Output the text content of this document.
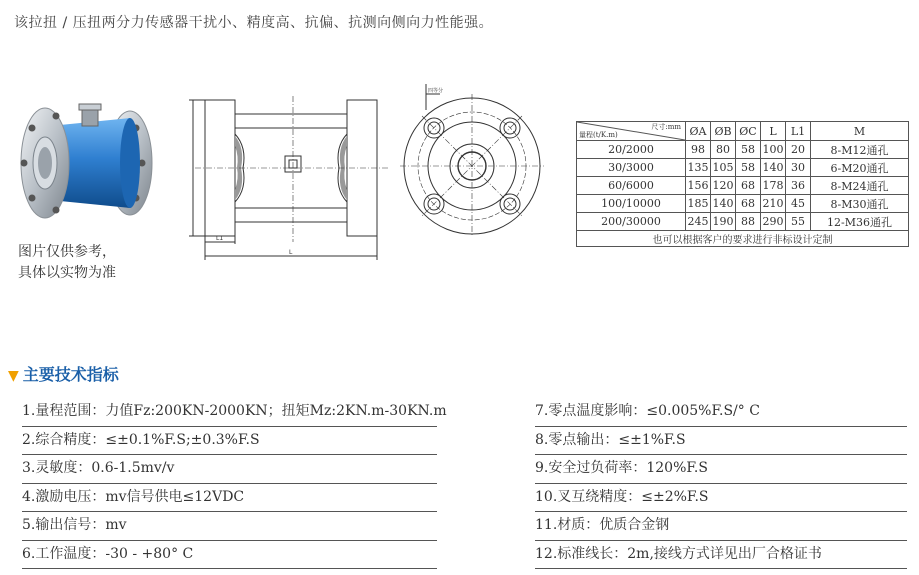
该拉扭 / 压扭两分力传感器干扰小、精度高、抗偏、抗测向侧向力性能强。
图片仅供参考，
具体以实物为准
L1
L
四等分
尺寸:mm
量程(t/K.m)	ØA	ØB	ØC	L	L1	M
20/2000	98	80	58	100	20	8-M12通孔
30/3000	135	105	58	140	30	6-M20通孔
60/6000	156	120	68	178	36	8-M24通孔
100/10000	185	140	68	210	45	8-M30通孔
200/30000	245	190	88	290	55	12-M36通孔
也可以根据客户的要求进行非标设计定制						
▼ 主要技术指标
1.量程范围：力值Fz:200KN-2000KN；扭矩Mz:2KN.m-30KN.m
2.综合精度：≤±0.1%F.S;±0.3%F.S
3.灵敏度：0.6-1.5mv/v
4.激励电压：mv信号供电≤12VDC
5.输出信号：mv
6.工作温度：-30 - +80° C
7.零点温度影响：≤0.005%F.S/° C
8.零点输出：≤±1%F.S
9.安全过负荷率：120%F.S
10.叉互绕精度：≤±2%F.S
11.材质：优质合金钢
12.标准线长：2m,接线方式详见出厂合格证书
